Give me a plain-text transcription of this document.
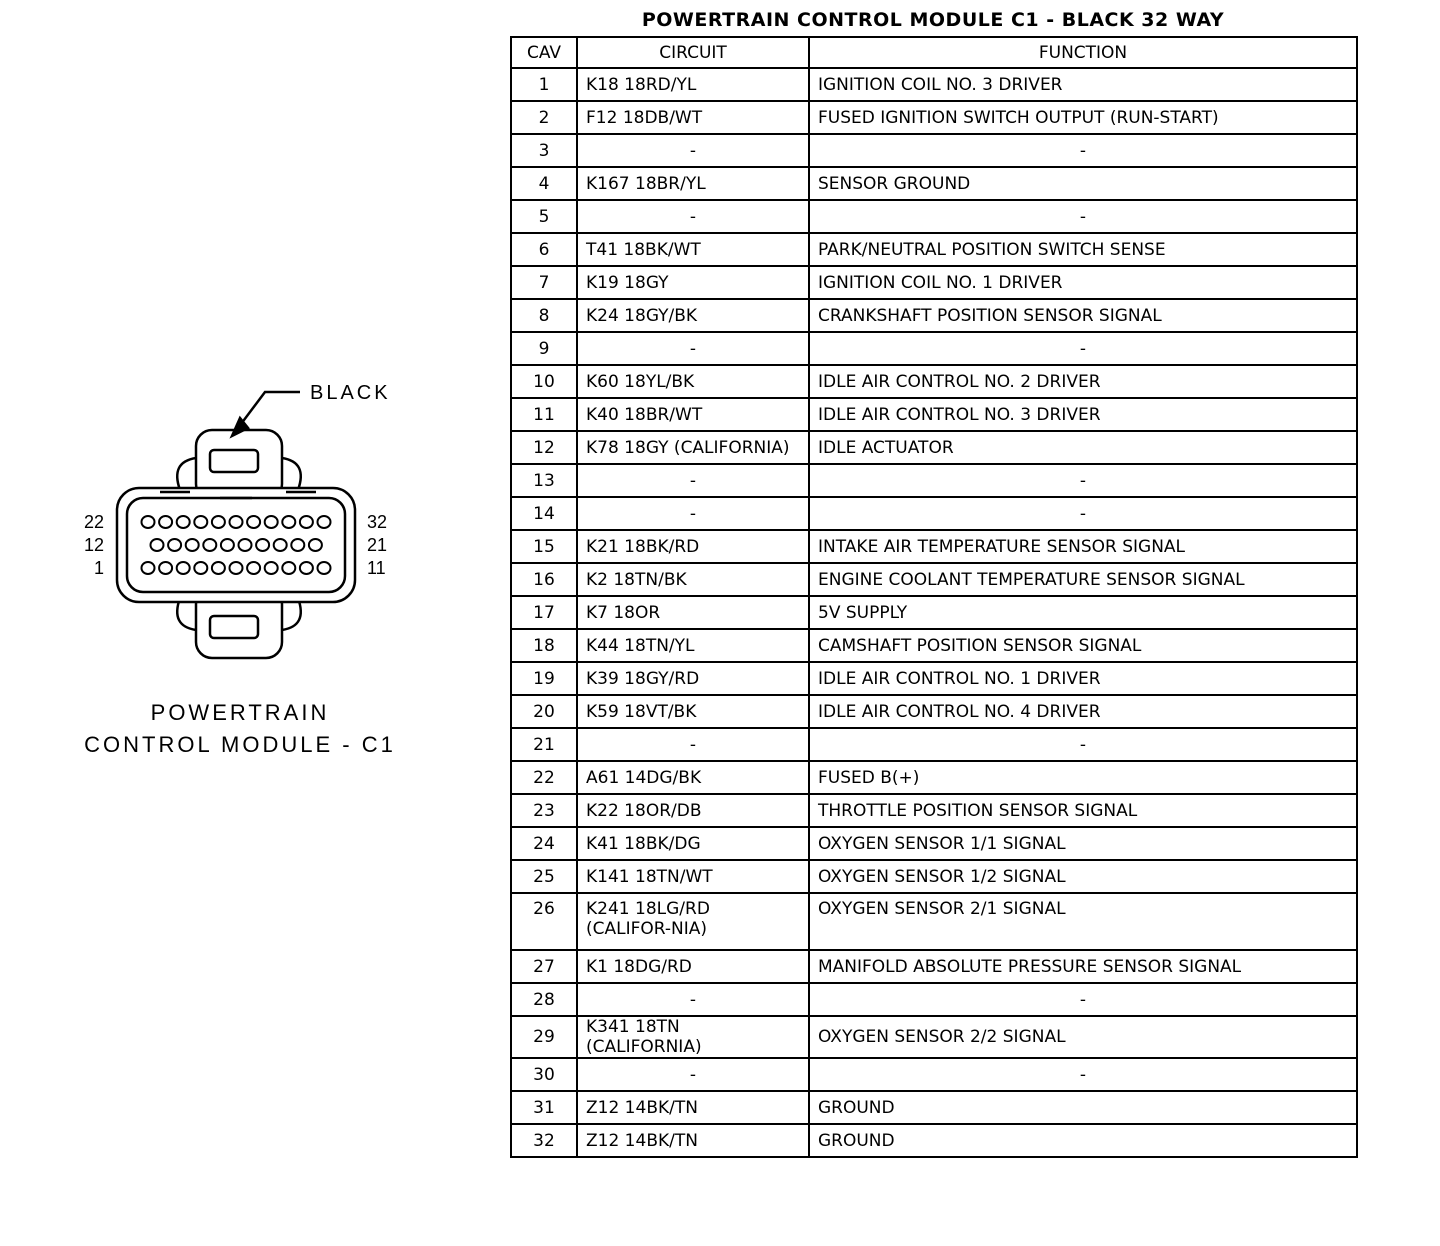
BLACK
22
12
1
32
21
11
POWERTRAIN
CONTROL MODULE - C1
POWERTRAIN CONTROL MODULE C1 - BLACK 32 WAY
CAV	CIRCUIT	FUNCTION
1	K18 18RD/YL	IGNITION COIL NO. 3 DRIVER
2	F12 18DB/WT	FUSED IGNITION SWITCH OUTPUT (RUN-START)
3	-	-
4	K167 18BR/YL	SENSOR GROUND
5	-	-
6	T41 18BK/WT	PARK/NEUTRAL POSITION SWITCH SENSE
7	K19 18GY	IGNITION COIL NO. 1 DRIVER
8	K24 18GY/BK	CRANKSHAFT POSITION SENSOR SIGNAL
9	-	-
10	K60 18YL/BK	IDLE AIR CONTROL NO. 2 DRIVER
11	K40 18BR/WT	IDLE AIR CONTROL NO. 3 DRIVER
12	K78 18GY (CALIFORNIA)	IDLE ACTUATOR
13	-	-
14	-	-
15	K21 18BK/RD	INTAKE AIR TEMPERATURE SENSOR SIGNAL
16	K2 18TN/BK	ENGINE COOLANT TEMPERATURE SENSOR SIGNAL
17	K7 18OR	5V SUPPLY
18	K44 18TN/YL	CAMSHAFT POSITION SENSOR SIGNAL
19	K39 18GY/RD	IDLE AIR CONTROL NO. 1 DRIVER
20	K59 18VT/BK	IDLE AIR CONTROL NO. 4 DRIVER
21	-	-
22	A61 14DG/BK	FUSED B(+)
23	K22 18OR/DB	THROTTLE POSITION SENSOR SIGNAL
24	K41 18BK/DG	OXYGEN SENSOR 1/1 SIGNAL
25	K141 18TN/WT	OXYGEN SENSOR 1/2 SIGNAL
26	K241 18LG/RD (CALIFOR-NIA)	OXYGEN SENSOR 2/1 SIGNAL
27	K1 18DG/RD	MANIFOLD ABSOLUTE PRESSURE SENSOR SIGNAL
28	-	-
29	K341 18TN (CALIFORNIA)	OXYGEN SENSOR 2/2 SIGNAL
30	-	-
31	Z12 14BK/TN	GROUND
32	Z12 14BK/TN	GROUND
